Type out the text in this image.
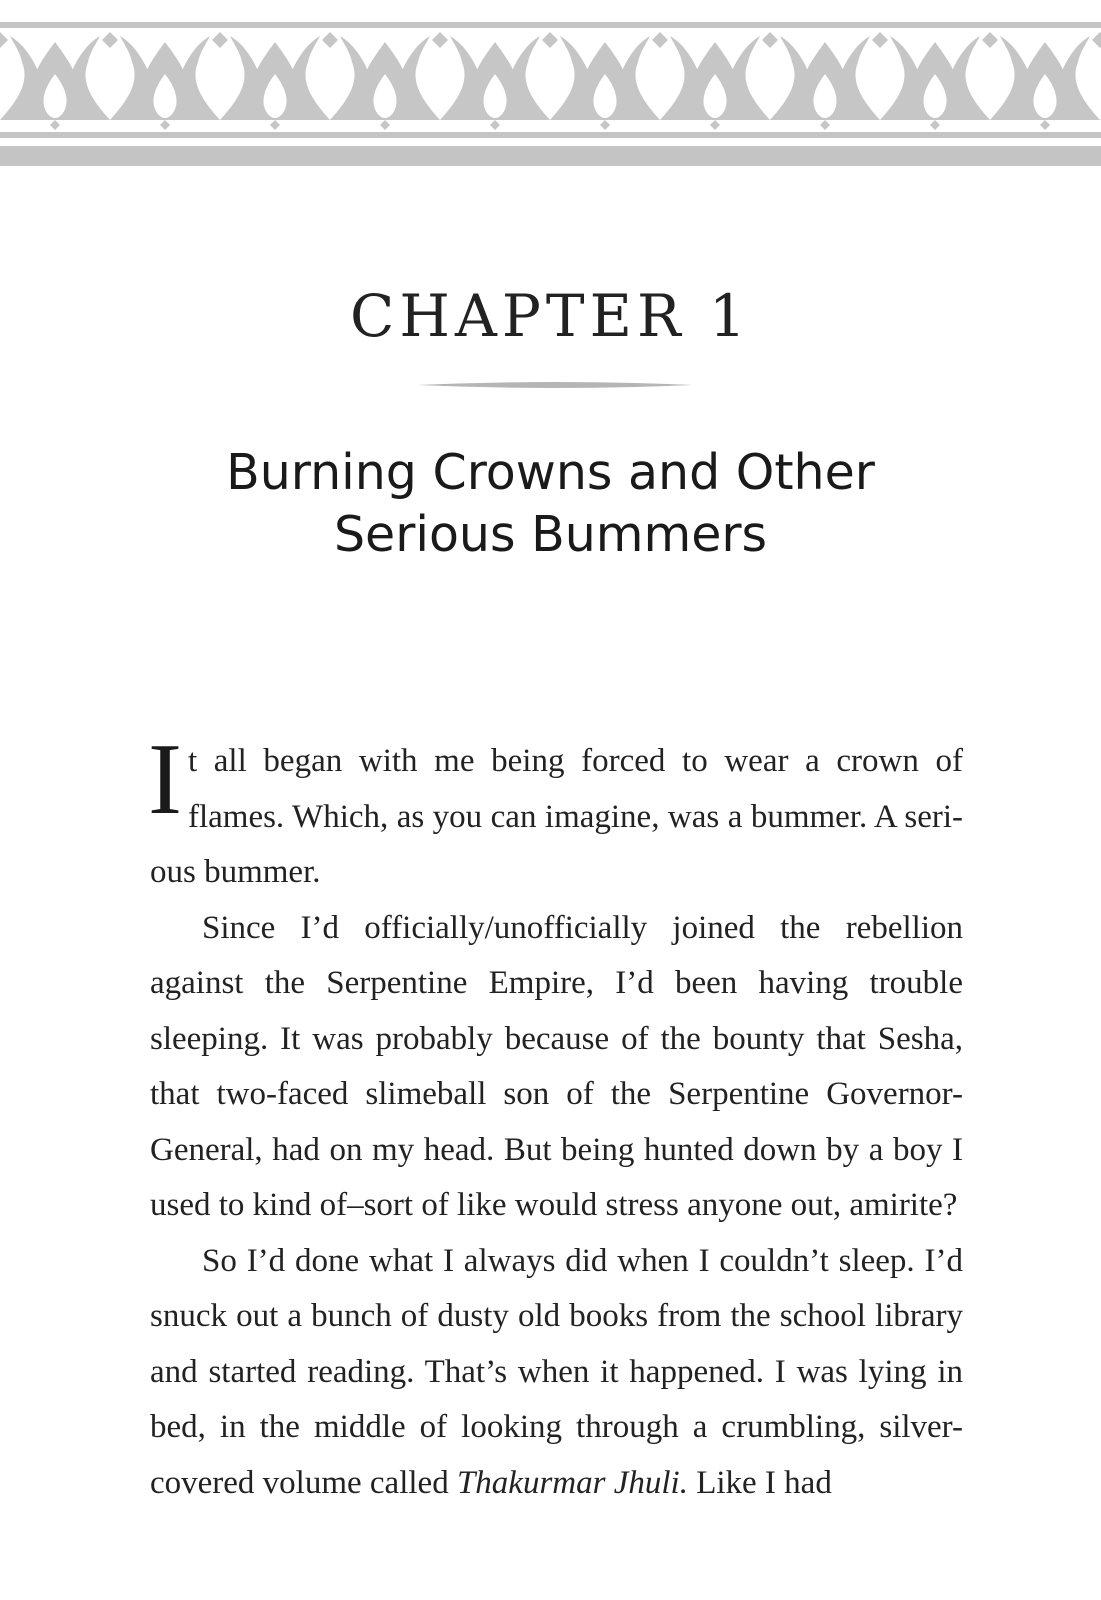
CHAPTER 1
Burning Crowns and Other
Serious Bummers

It all began with me being forced to wear a crown of flames. Which, as you can imagine, was a bummer. A serious bummer.

Since I’d officially/unofficially joined the rebellion against the Serpentine Empire, I’d been having trouble sleeping. It was probably because of the bounty that Sesha, that two-faced slimeball son of the Serpentine Governor-General, had on my head. But being hunted down by a boy I used to kind of–sort of like would stress anyone out, amirite?

So I’d done what I always did when I couldn’t sleep. I’d snuck out a bunch of dusty old books from the school library and started reading. That’s when it happened. I was lying in bed, in the middle of looking through a crumbling, silver-covered volume called Thakurmar Jhuli. Like I had
